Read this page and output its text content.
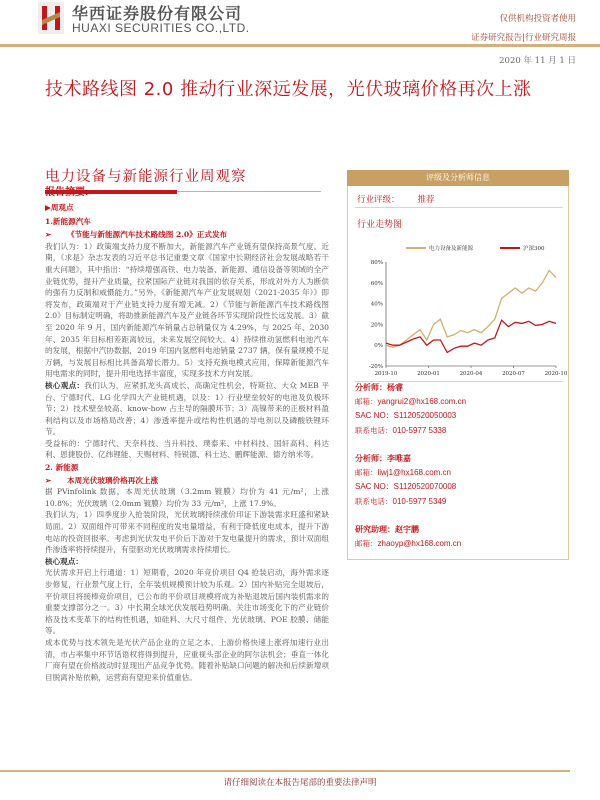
华西证券股份有限公司
HUAXI SECURITIES CO.,LTD.
仅供机构投资者使用
证券研究报告|行业研究周报
2020 年 11 月 1 日
技术路线图 2.0 推动行业深远发展，光伏玻璃价格再次上涨
电力设备与新能源行业周观察
报告摘要:
▶周观点
1.新能源汽车
➢ 《节能与新能源汽车技术路线图 2.0》正式发布

我们认为：1）政策端支持力度不断加大，新能源汽车产业链有望保持高景气度。近期，《求是》杂志发表的习近平总书记重要文章《国家中长期经济社会发展战略若干重大问题》，其中指出：“持续增强高铁、电力装备、新能源、通信设备等领域的全产业链优势，提升产业质量，拉紧国际产业链对我国的依存关系，形成对外方人为断供的强有力反制和威慑能力。”另外，《新能源汽车产业发展规划（2021-2035 年）》即将发布，政策端对于产业链支持力度有增无减。2）《节能与新能源汽车技术路线图 2.0》目标制定明确，将助推新能源汽车及产业链各环节实现阶段性长远发展。3）截至 2020 年 9 月，国内新能源汽车销量占总销量仅为 4.29%，与 2025 年、2030 年、2035 年目标相差距离较远，未来发展空间较大。4）持续推动氢燃料电池汽车的发展，根据中汽协数据，2019 年国内氢燃料电池销量 2737 辆，保有量规模不足万辆，与发展目标相比具备高增长潜力。5）支持充换电模式应用，保障新能源汽车用电需求的同时，提升用电选择丰富度，实现多技术方向发展。

核心观点：我们认为，应紧抓龙头高成长、高确定性机会，特斯拉、大众 MEB 平台、宁德时代、LG 化学四大产业链机遇，以及：1）行业壁垒较好的电池及负极环节；2）技术壁垒较高、know-how 占主导的隔膜环节；3）高镍带来的正极材料盈利结构以及市场格局改善；4）渗透率提升或结构性机遇的导电剂以及磷酸铁锂环节。

受益标的：宁德时代、天奈科技、当升科技、璞泰来、中材科技、国轩高科、科达利、恩捷股份、亿纬锂能、天赐材料、特锐德、科士达、鹏辉能源、德方纳米等。

2. 新能源
➢ 本周光伏玻璃价格再次上涨

据 PVinfolink 数据，本周光伏玻璃（3.2mm 镀膜）均价为 41 元/m²，上涨 10.8%；光伏玻璃（2.0mm 镀膜）均价为 33 元/m²，上涨 17.9%。

我们认为，1）四季度步入抢装阶段，光伏玻璃持续涨价印证下游装需求旺盛和紧缺局面。2）双面组件可带来不同程度的发电量增益，有利于降低度电成本，提升下游电站的投资回报率。考虑到光伏发电平价后下游对于发电量提升的需求，预计双面组件渗透率将持续提升，有望驱动光伏玻璃需求持续增长。

核心观点：

光伏需求开启上行通道：1）短期看，2020 年竞价项目 Q4 抢装启动，海外需求逐步修复，行业景气度上行，全年装机规模预计较为乐观。2）国内补贴完全退坡后，平价项目将接棒竞价项目，已公布的平价项目规模将成为补贴退坡后国内装机需求的重要支撑部分之一。3）中长期全球光伏发展趋势明确。关注市场变化下的产业链价格及技术变革下的结构性机遇，如硅料、大尺寸组件、光伏玻璃、POE 胶膜、储能等。

成本优势与技术领先是光伏产品企业的立足之本，上游价格快速上涨将加速行业出清，市占率集中环节话语权将得到提升，应重视头部企业的阿尔法机会；垂直一体化厂商有望在价格波动时显现出产品竞争优势。随着补贴缺口问题的解决和后续新增项目脱离补贴依赖，运营商有望迎来价值重估。

评级及分析师信息
行业评级： 推荐
行业走势图
80%
60%
40%
20%
0%
-20%
2019-10	2020-01	2020-04	2020-07	2020-10
电力设备及新能源	沪深300
分析师：杨睿
邮箱：yangrui2@hx168.com.cn
SAC NO：S1120520050003
联系电话：010-5977 5338
分析师：李唯嘉
邮箱：liwj1@hx168.com.cn
SAC NO：S1120520070008
联系电话：010-5977 5349
研究助理：赵宇鹏
邮箱：zhaoyp@hx168.com.cn
请仔细阅读在本报告尾部的重要法律声明
